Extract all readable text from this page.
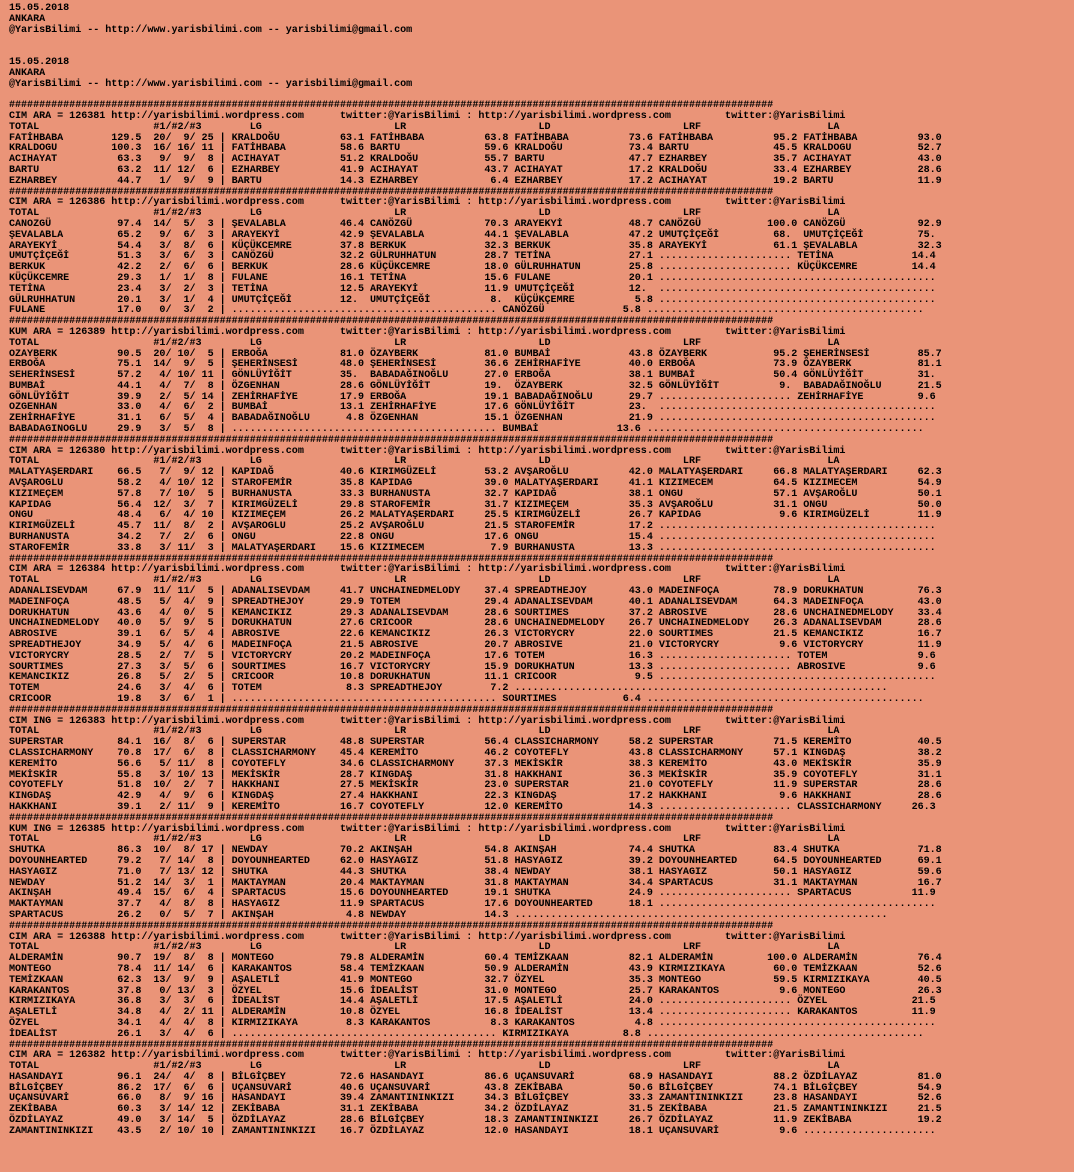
15.05.2018
ANKARA
@YarisBilimi -- http://www.yarisbilimi.com -- yarisbilimi@gmail.com
15.05.2018
ANKARA
@YarisBilimi -- http://www.yarisbilimi.com -- yarisbilimi@gmail.com
###############################################################################################################################
CIM ARA = 126381 http://yarisbilimi.wordpress.com      twitter:@YarisBilimi : http://yarisbilimi.wordpress.com         twitter:@YarisBilimi
TOTAL                   #1/#2/#3        LG                      LR                      LD                      LRF                     LA
FATİHBABA        129.5  20/  9/ 25 | KRALDOĞU          63.1 FATİHBABA          63.8 FATİHBABA          73.6 FATİHBABA          95.2 FATİHBABA          93.0
KRALDOGU         100.3  16/ 16/ 11 | FATİHBABA         58.6 BARTU              59.6 KRALDOĞU           73.4 BARTU              45.5 KRALDOGU           52.7
ACIHAYAT          63.3   9/  9/  8 | ACIHAYAT          51.2 KRALDOĞU           55.7 BARTU              47.7 EZHARBEY           35.7 ACIHAYAT           43.0
BARTU             63.2  11/ 12/  6 | EZHARBEY          41.9 ACIHAYAT           43.7 ACIHAYAT           17.2 KRALDOĞU           33.4 EZHARBEY           28.6
EZHARBEY          44.7   1/  9/  9 | BARTU             14.3 EZHARBEY            6.4 EZHARBEY           17.2 ACIHAYAT           19.2 BARTU              11.9
###############################################################################################################################
CIM ARA = 126386 http://yarisbilimi.wordpress.com      twitter:@YarisBilimi : http://yarisbilimi.wordpress.com         twitter:@YarisBilimi
TOTAL                   #1/#2/#3        LG                      LR                      LD                      LRF                     LA
CANOZGÜ           97.4  14/  5/  3 | ŞEVALABLA         46.4 CANÖZGÜ            70.3 ARAYEKYİ           48.7 CANÖZGÜ           100.0 CANÖZGÜ            92.9
ŞEVALABLA         65.2   9/  6/  3 | ARAYEKYİ          42.9 ŞEVALABLA          44.1 ŞEVALABLA          47.2 UMUTÇİÇEĞİ         68.  UMUTÇİÇEĞİ         75.
ARAYEKYİ          54.4   3/  8/  6 | KÜÇÜKCEMRE        37.8 BERKUK             32.3 BERKUK             35.8 ARAYEKYİ           61.1 ŞEVALABLA          32.3
UMUTÇİÇEĞİ        51.3   3/  6/  3 | CANÖZGÜ           32.2 GÜLRUHHATUN        28.7 TETİNA             27.1 ...................... TETİNA             14.4
BERKUK            42.2   2/  6/  6 | BERKUK            28.6 KÜÇÜKCEMRE         18.0 GÜLRUHHATUN        25.8 ...................... KÜÇÜKCEMRE         14.4
KÜÇÜKCEMRE        29.3   1/  1/  8 | FULANE            16.1 TETİNA             15.6 FULANE             20.1 ..............................................
TETİNA            23.4   3/  2/  3 | TETİNA            12.5 ARAYEKYİ           11.9 UMUTÇİÇEĞİ         12.  ..............................................
GÜLRUHHATUN       20.1   3/  1/  4 | UMUTÇİÇEĞİ        12.  UMUTÇİÇEĞİ          8.  KÜÇÜKÇEMRE          5.8 ..............................................
FULANE            17.0   0/  3/  2 | ............................................ CANÖZGÜ             5.8 ..............................................
###############################################################################################################################
KUM ARA = 126389 http://yarisbilimi.wordpress.com      twitter:@YarisBilimi : http://yarisbilimi.wordpress.com         twitter:@YarisBilimi
TOTAL                   #1/#2/#3        LG                      LR                      LD                      LRF                     LA
OZAYBERK          90.5  20/ 10/  5 | ERBOĞA            81.0 ÖZAYBERK           81.0 BUMBAİ             43.8 ÖZAYBERK           95.2 ŞEHERİNSESİ        85.7
ERBOĞA            75.1  14/  9/  5 | ŞEHERİNSESİ       48.0 ŞEHERİNSESİ        36.6 ZEHİRHAFİYE        40.0 ERBOĞA             73.9 ÖZAYBERK           81.1
SEHERİNSESİ       57.2   4/ 10/ 11 | GÖNLÜYİĞİT        35.  BABADAĞINOĞLU      27.0 ERBOĞA             38.1 BUMBAİ             50.4 GÖNLÜYİĞİT         31.
BUMBAİ            44.1   4/  7/  8 | ÖZGENHAN          28.6 GÖNLÜYİĞİT         19.  ÖZAYBERK           32.5 GÖNLÜYİĞİT          9.  BABADAĞINOĞLU      21.5
GÖNLÜYİĞİT        39.9   2/  5/ 14 | ZEHİRHAFİYE       17.9 ERBOĞA             19.1 BABADAĞINOĞLU      29.7 ...................... ZEHİRHAFİYE         9.6
OZGENHAN          33.0   4/  6/  2 | BUMBAİ            13.1 ZEHİRHAFİYE        17.6 GÖNLÜYİĞİT         23.  ..............................................
ZEHİRHAFİYE       31.1   6/  5/  4 | BABADAĞINOĞLU      4.8 ÖZGENHAN           15.1 ÖZGENHAN           21.9 ..............................................
BABADAGINOGLU     29.9   3/  5/  8 | ............................................ BUMBAİ             13.6 ..............................................
###############################################################################################################################
CIM ARA = 126380 http://yarisbilimi.wordpress.com      twitter:@YarisBilimi : http://yarisbilimi.wordpress.com         twitter:@YarisBilimi
TOTAL                   #1/#2/#3        LG                      LR                      LD                      LRF                     LA
MALATYAŞERDARI    66.5   7/  9/ 12 | KAPIDAĞ           40.6 KIRIMGÜZELİ        53.2 AVŞAROĞLU          42.0 MALATYAŞERDARI     66.8 MALATYAŞERDARI     62.3
AVŞAROGLU         58.2   4/ 10/ 12 | STAROFEMİR        35.8 KAPIDAG            39.0 MALATYAŞERDARI     41.1 KIZIMECEM          64.5 KIZIMECEM          54.9
KIZIMEÇEM         57.8   7/ 10/  5 | BURHANUSTA        33.3 BURHANUSTA         32.7 KAPIDAĞ            38.1 ONGU               57.1 AVŞAROĞLU          50.1
KAPIDAG           56.4  12/  3/  7 | KIRIMGÜZELİ       29.8 STAROFEMİR         31.7 KIZIMEÇEM          35.3 AVŞAROĞLU          31.1 ONGU               50.0
ONGU              48.4   6/  4/ 10 | KIZIMEÇEM         26.2 MALATYAŞERDARI     25.5 KIRIMGÜZELİ        26.7 KAPIDAG             9.6 KIRIMGÜZELİ        11.9
KIRIMGÜZELİ       45.7  11/  8/  2 | AVŞAROGLU         25.2 AVŞAROĞLU          21.5 STAROFEMİR         17.2 ..............................................
BURHANUSTA        34.2   7/  2/  6 | ONGU              22.8 ONGU               17.6 ONGU               15.4 ..............................................
STAROFEMİR        33.8   3/ 11/  3 | MALATYAŞERDARI    15.6 KIZIMECEM           7.9 BURHANUSTA         13.3 ..............................................
###############################################################################################################################
CIM ARA = 126384 http://yarisbilimi.wordpress.com      twitter:@YarisBilimi : http://yarisbilimi.wordpress.com         twitter:@YarisBilimi
TOTAL                   #1/#2/#3        LG                      LR                      LD                      LRF                     LA
ADANALISEVDAM     67.9  11/ 11/  5 | ADANALISEVDAM     41.7 UNCHAINEDMELODY    37.4 SPREADTHEJOY       43.0 MADEINFOÇA         78.9 DORUKHATUN         76.3
MADEINFOÇA        48.5   5/  4/  9 | SPREADTHEJOY      29.9 TOTEM              29.4 ADANALISEVDAM      40.1 ADANALISEVDAM      64.3 MADEINFOÇA         43.0
DORUKHATUN        43.6   4/  0/  5 | KEMANCIKIZ        29.3 ADANALISEVDAM      28.6 SOURTIMES          37.2 ABROSIVE           28.6 UNCHAINEDMELODY    33.4
UNCHAINEDMELODY   40.0   5/  9/  5 | DORUKHATUN        27.6 CRICOOR            28.6 UNCHAINEDMELODY    26.7 UNCHAINEDMELODY    26.3 ADANALISEVDAM      28.6
ABROSIVE          39.1   6/  5/  4 | ABROSIVE          22.6 KEMANCIKIZ         26.3 VICTORYCRY         22.0 SOURTIMES          21.5 KEMANCIKIZ         16.7
SPREADTHEJOY      34.9   5/  4/  6 | MADEINFOÇA        21.5 ABROSIVE           20.7 ABROSIVE           21.0 VICTORYCRY          9.6 VICTORYCRY         11.9
VICTORYCRY        28.5   2/  7/  5 | VICTORYCRY        20.2 MADEINFOÇA         17.6 TOTEM              16.3 ...................... TOTEM               9.6
SOURTIMES         27.3   3/  5/  6 | SOURTIMES         16.7 VICTORYCRY         15.9 DORUKHATUN         13.3 ...................... ABROSIVE            9.6
KEMANCIKIZ        26.8   5/  2/  5 | CRICOOR           10.8 DORUKHATUN         11.1 CRICOOR             9.5 ..............................................
TOTEM             24.6   3/  4/  6 | TOTEM              8.3 SPREADTHEJOY        7.2 ..............................................................
CRICOOR           19.8   3/  6/  1 | ............................................ SOURTIMES           6.4 ..............................................
###############################################################################################################################
CIM ING = 126383 http://yarisbilimi.wordpress.com      twitter:@YarisBilimi : http://yarisbilimi.wordpress.com         twitter:@YarisBilimi
TOTAL                   #1/#2/#3        LG                      LR                      LD                      LRF                     LA
SUPERSTAR         84.1  16/  8/  6 | SUPERSTAR         48.8 SUPERSTAR          56.4 CLASSICHARMONY     58.2 SUPERSTAR          71.5 KEREMİTO           40.5
CLASSICHARMONY    70.8  17/  6/  8 | CLASSICHARMONY    45.4 KEREMİTO           46.2 COYOTEFLY          43.8 CLASSICHARMONY     57.1 KINGDAŞ            38.2
KEREMİTO          56.6   5/ 11/  8 | COYOTEFLY         34.6 CLASSICHARMONY     37.3 MEKİSKİR           38.3 KEREMİTO           43.0 MEKİSKİR           35.9
MEKİSKİR          55.8   3/ 10/ 13 | MEKİSKİR          28.7 KINGDAŞ            31.8 HAKKHANI           36.3 MEKİSKİR           35.9 COYOTEFLY          31.1
COYOTEFLY         51.8  10/  2/  7 | HAKKHANI          27.5 MEKİSKİR           23.0 SUPERSTAR          21.0 COYOTEFLY          11.9 SUPERSTAR          28.6
KINGDAŞ           42.9   4/  9/  6 | KINGDAŞ           27.4 HAKKHANI           22.3 KINGDAŞ            17.2 HAKKHANI            9.6 HAKKHANI           28.6
HAKKHANI          39.1   2/ 11/  9 | KEREMİTO          16.7 COYOTEFLY          12.0 KEREMİTO           14.3 ...................... CLASSICHARMONY     26.3
###############################################################################################################################
KUM ING = 126385 http://yarisbilimi.wordpress.com      twitter:@YarisBilimi : http://yarisbilimi.wordpress.com         twitter:@YarisBilimi
TOTAL                   #1/#2/#3        LG                      LR                      LD                      LRF                     LA
SHUTKA            86.3  10/  8/ 17 | NEWDAY            70.2 AKINŞAH            54.8 AKINŞAH            74.4 SHUTKA             83.4 SHUTKA             71.8
DOYOUNHEARTED     79.2   7/ 14/  8 | DOYOUNHEARTED     62.0 HASYAGIZ           51.8 HASYAGIZ           39.2 DOYOUNHEARTED      64.5 DOYOUNHEARTED      69.1
HASYAGIZ          71.0   7/ 13/ 12 | SHUTKA            44.3 SHUTKA             38.4 NEWDAY             38.1 HASYAGIZ           50.1 HASYAGIZ           59.6
NEWDAY            51.2  14/  3/  1 | MAKTAYMAN         20.4 MAKTAYMAN          31.8 MAKTAYMAN          34.4 SPARTACUS          31.1 MAKTAYMAN          16.7
AKINŞAH           49.4  15/  6/  4 | SPARTACUS         15.6 DOYOUNHEARTED      19.1 SHUTKA             24.9 ...................... SPARTACUS          11.9
MAKTAYMAN         37.7   4/  8/  8 | HASYAGIZ          11.9 SPARTACUS          17.6 DOYOUNHEARTED      18.1 ..............................................
SPARTACUS         26.2   0/  5/  7 | AKINŞAH            4.8 NEWDAY             14.3 ..............................................................
###############################################################################################################################
CIM ARA = 126388 http://yarisbilimi.wordpress.com      twitter:@YarisBilimi : http://yarisbilimi.wordpress.com         twitter:@YarisBilimi
TOTAL                   #1/#2/#3        LG                      LR                      LD                      LRF                     LA
ALDERAMİN         90.7  19/  8/  8 | MONTEGO           79.8 ALDERAMİN          60.4 TEMİZKAAN          82.1 ALDERAMİN         100.0 ALDERAMİN          76.4
MONTEGO           78.4  11/ 14/  6 | KARAKANTOS        58.4 TEMİZKAAN          50.9 ALDERAMİN          43.9 KIRMIZIKAYA        60.0 TEMİZKAAN          52.6
TEMİZKAAN         62.3  13/  9/  9 | AŞALETLİ          41.9 MONTEGO            32.7 ÖZYEL              35.3 MONTEGO            59.5 KIRMIZIKAYA        40.5
KARAKANTOS        37.8   0/ 13/  3 | ÖZYEL             15.6 İDEALİST           31.0 MONTEGO            25.7 KARAKANTOS          9.6 MONTEGO            26.3
KIRMIZIKAYA       36.8   3/  3/  6 | İDEALİST          14.4 AŞALETLİ           17.5 AŞALETLİ           24.0 ...................... ÖZYEL              21.5
AŞALETLİ          34.8   4/  2/ 11 | ALDERAMİN         10.8 ÖZYEL              16.8 İDEALİST           13.4 ...................... KARAKANTOS         11.9
ÖZYEL             34.1   4/  4/  8 | KIRMIZIKAYA        8.3 KARAKANTOS          8.3 KARAKANTOS          4.8 ..............................................
İDEALİST          26.1   3/  4/  6 | ............................................ KIRMIZIKAYA         8.8 ..............................................
###############################################################################################################################
CIM ARA = 126382 http://yarisbilimi.wordpress.com      twitter:@YarisBilimi : http://yarisbilimi.wordpress.com         twitter:@YarisBilimi
TOTAL                   #1/#2/#3        LG                      LR                      LD                      LRF                     LA
HASANDAYI         96.1  24/  4/  8 | BİLGİÇBEY         72.6 HASANDAYI          86.6 UÇANSUVARİ         68.9 HASANDAYI          88.2 ÖZDİLAYAZ          81.0
BİLGİÇBEY         86.2  17/  6/  6 | UÇANSUVARİ        40.6 UÇANSUVARİ         43.8 ZEKİBABA           50.6 BİLGİÇBEY          74.1 BİLGİÇBEY          54.9
UÇANSUVARİ        66.0   8/  9/ 16 | HASANDAYI         39.4 ZAMANTININKIZI     34.3 BİLGİÇBEY          33.3 ZAMANTININKIZI     23.8 HASANDAYI          52.6
ZEKİBABA          60.3   3/ 14/ 12 | ZEKİBABA          31.1 ZEKİBABA           34.2 ÖZDİLAYAZ          31.5 ZEKİBABA           21.5 ZAMANTININKIZI     21.5
ÖZDİLAYAZ         49.0   3/ 14/  5 | ÖZDİLAYAZ         28.6 BİLGİÇBEY          18.3 ZAMANTININKIZI     26.7 ÖZDİLAYAZ          11.9 ZEKİBABA           19.2
ZAMANTININKIZI    43.5   2/ 10/ 10 | ZAMANTININKIZI    16.7 ÖZDİLAYAZ          12.0 HASANDAYI          18.1 UÇANSUVARİ          9.6 ......................
